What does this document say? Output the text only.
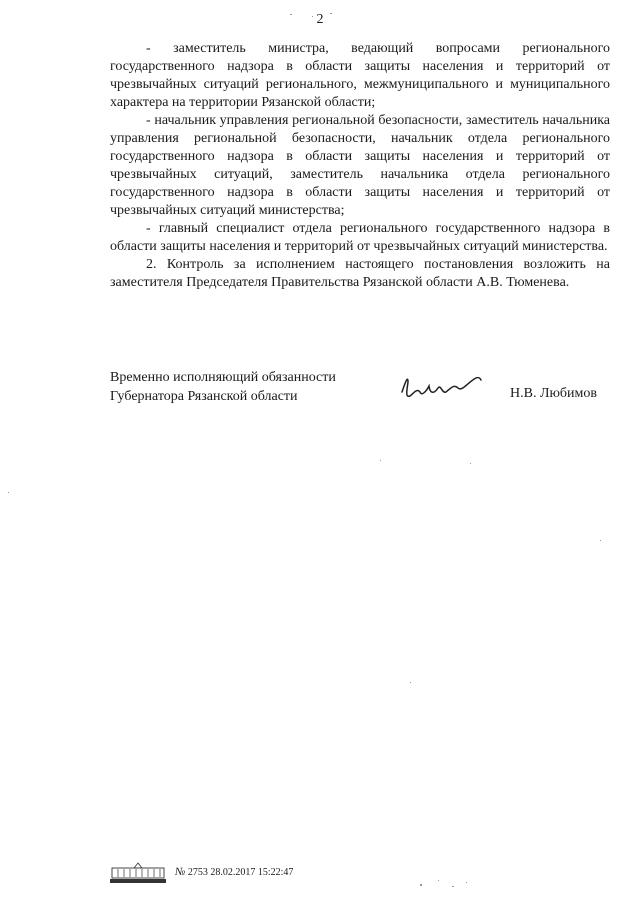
2

- заместитель министра, ведающий вопросами регионального государственного надзора в области защиты населения и территорий от чрезвычайных ситуаций регионального, межмуниципального и муниципального характера на территории Рязанской области;

- начальник управления региональной безопасности, заместитель начальника управления региональной безопасности, начальник отдела регионального государственного надзора в области защиты населения и территорий от чрезвычайных ситуаций, заместитель начальника отдела регионального государственного надзора в области защиты населения и территорий от чрезвычайных ситуаций министерства;

- главный специалист отдела регионального государственного надзора в области защиты населения и территорий от чрезвычайных ситуаций министерства.

2. Контроль за исполнением настоящего постановления возложить на заместителя Председателя Правительства Рязанской области А.В. Тюменева.

Временно исполняющий обязанности
Губернатора Рязанской области	Н.В. Любимов
№ 2753 28.02.2017 15:22:47
